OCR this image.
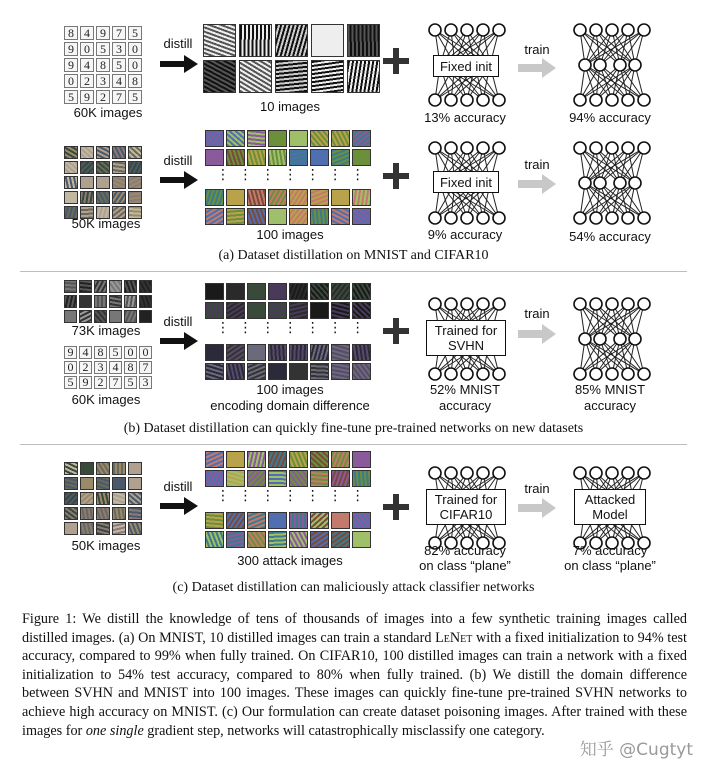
8 4 9 7 5
9 0 5 3 0
9 4 8 5 0
0 2 3 4 8
5 9 2 7 5
60K images
distill
10 images
Fixed init
13% accuracy
train
94% accuracy
50K images
distill
⋮ ⋮ ⋮ ⋮ ⋮ ⋮ ⋮
100 images
Fixed init
9% accuracy
train
54% accuracy
(a) Dataset distillation on MNIST and CIFAR10
73K images
9 4 8 5 0 0
0 2 3 4 8 7
5 9 2 7 5 3
60K images
distill	⋮ ⋮ ⋮ ⋮ ⋮ ⋮ ⋮
100 images
encoding domain difference
Trained for
SVHN
52% MNIST
accuracy
train
85% MNIST
accuracy
(b) Dataset distillation can quickly fine-tune pre-trained networks on new datasets
50K images
distill
⋮ ⋮ ⋮ ⋮ ⋮ ⋮ ⋮
300 attack images
Trained for
CIFAR10
82% accuracy
on class “plane”
train
Attacked
Model
7% accuracy
on class “plane”
(c) Dataset distillation can maliciously attack classifier networks
Figure 1: We distill the knowledge of tens of thousands of images into a few synthetic training images called distilled images. (a) On MNIST, 10 distilled images can train a standard LeNet with a fixed initialization to 94% test accuracy, compared to 99% when fully trained. On CIFAR10, 100 distilled images can train a network with a fixed initialization to 54% test accuracy, compared to 80% when fully trained. (b) We distill the domain difference between SVHN and MNIST into 100 images. These images can quickly fine-tune pre-trained SVHN networks to achieve high accuracy on MNIST. (c) Our formulation can create dataset poisoning images. After trained with these images for one single gradient step, networks will catastrophically misclassify one category.
知乎 @Cugtyt
